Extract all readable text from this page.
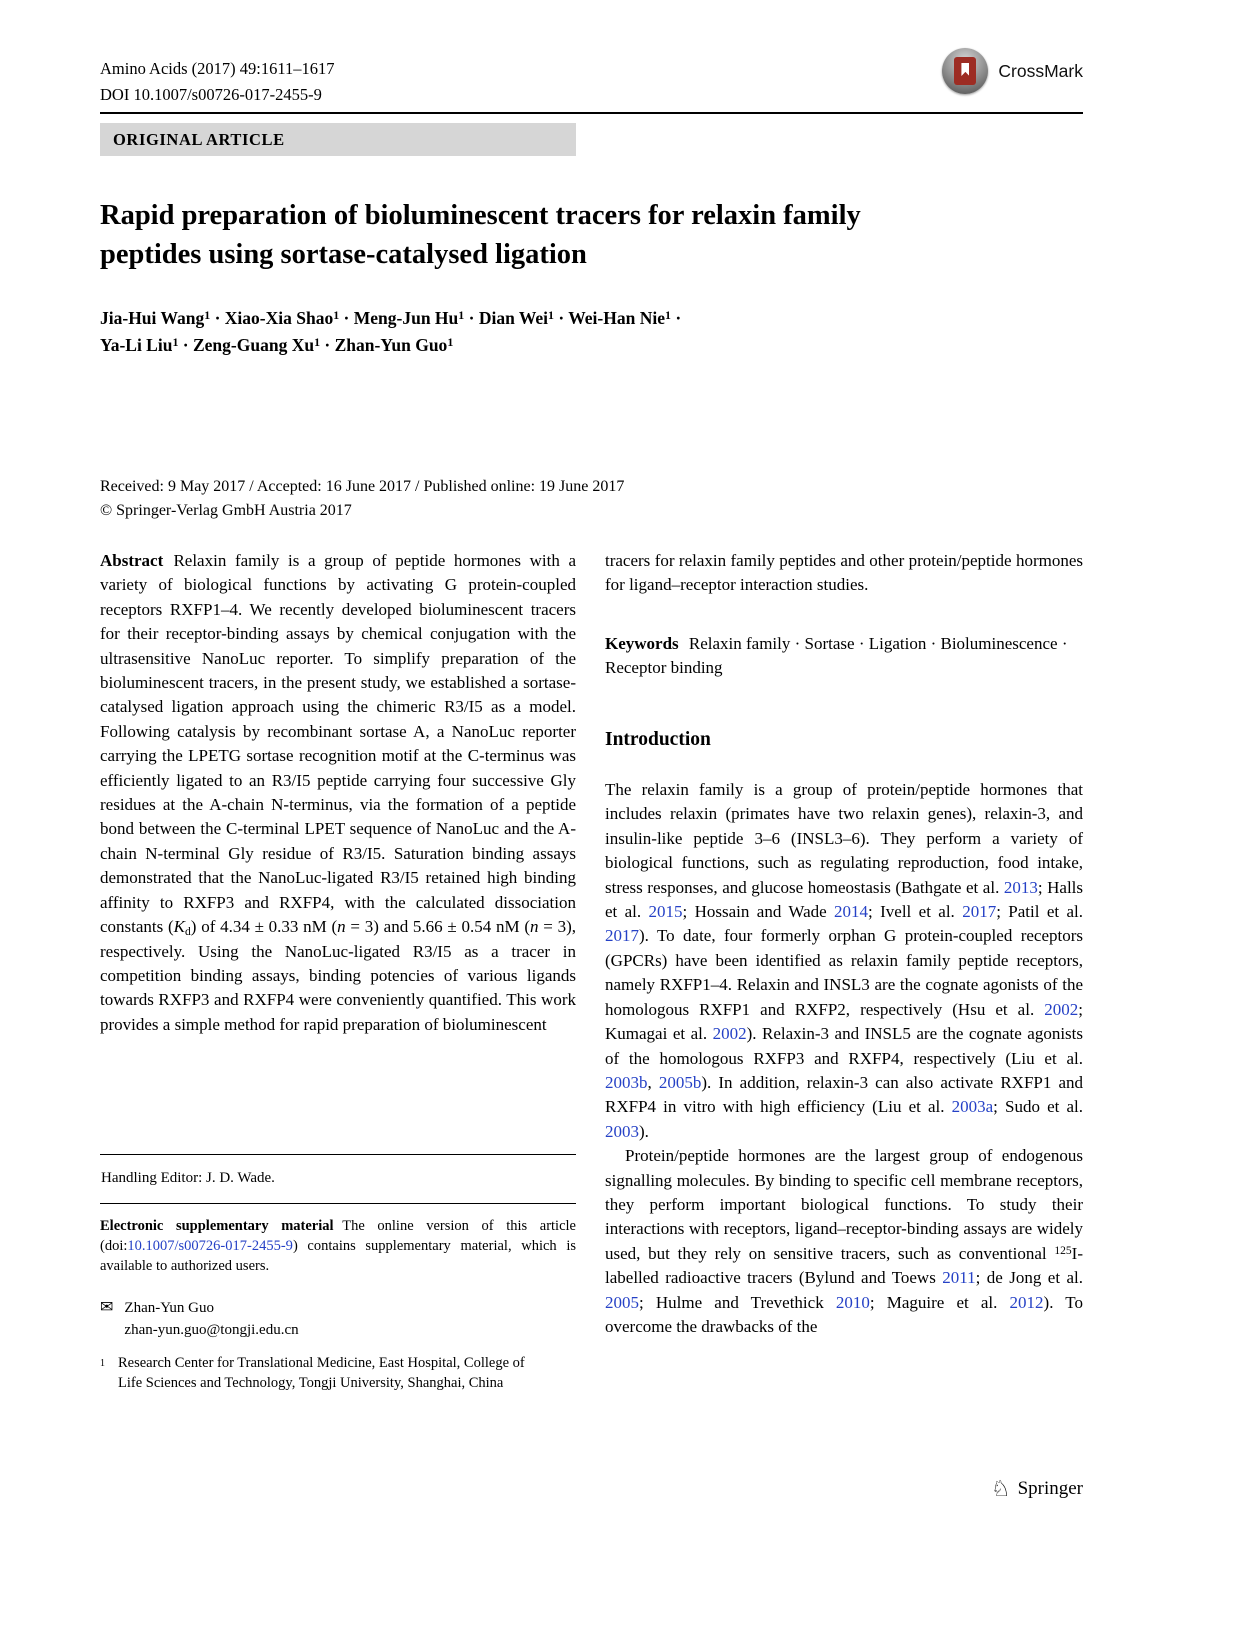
Amino Acids (2017) 49:1611–1617
DOI 10.1007/s00726-017-2455-9
CrossMark
ORIGINAL ARTICLE
Rapid preparation of bioluminescent tracers for relaxin family
peptides using sortase-catalysed ligation
Jia-Hui Wang$^1$ · Xiao-Xia Shao$^1$ · Meng-Jun $Hu^1$ · Dian Wei$^1$ · Wei-Han Nie$^1$ ·
Ya-Li Liu$^1$ · Zeng-Guang $Xu^1$ · Zhan-Yun Guo$^1$
Received: 9 May 2017 / Accepted: 16 June 2017 / Published online: 19 June 2017
© Springer-Verlag GmbH Austria 2017

Abstract Relaxin family is a group of peptide hormones with a variety of biological functions by activating G protein-coupled receptors RXFP1–4. We recently developed bioluminescent tracers for their receptor-binding assays by chemical conjugation with the ultrasensitive NanoLuc reporter. To simplify preparation of the bioluminescent tracers, in the present study, we established a sortase-catalysed ligation approach using the chimeric R3/I5 as a model. Following catalysis by recombinant sortase A, a NanoLuc reporter carrying the LPETG sortase recognition motif at the C-terminus was efficiently ligated to an R3/I5 peptide carrying four successive Gly residues at the A-chain N-terminus, via the formation of a peptide bond between the C-terminal LPET sequence of NanoLuc and the A-chain N-terminal Gly residue of R3/I5. Saturation binding assays demonstrated that the NanoLuc-ligated R3/I5 retained high binding affinity to RXFP3 and RXFP4, with the calculated dissociation constants (Kd) of 4.34 ± 0.33 nM (n = 3) and 5.66 ± 0.54 nM (n = 3), respectively. Using the NanoLuc-ligated R3/I5 as a tracer in competition binding assays, binding potencies of various ligands towards RXFP3 and RXFP4 were conveniently quantified. This work provides a simple method for rapid preparation of bioluminescent

Handling Editor: J. D. Wade.

Electronic supplementary material The online version of this article (doi:10.1007/s00726-017-2455-9) contains supplementary material, which is available to authorized users.

✉ Zhan-Yun Guo
zhan-yun.guo@tongji.edu.cn
1 Research Center for Translational Medicine, East Hospital, College of Life Sciences and Technology, Tongji University, Shanghai, China

tracers for relaxin family peptides and other protein/peptide hormones for ligand–receptor interaction studies.

Keywords Relaxin family · Sortase · Ligation · Bioluminescence · Receptor binding

Introduction

The relaxin family is a group of protein/peptide hormones that includes relaxin (primates have two relaxin genes), relaxin-3, and insulin-like peptide 3–6 (INSL3–6). They perform a variety of biological functions, such as regulating reproduction, food intake, stress responses, and glucose homeostasis (Bathgate et al. 2013; Halls et al. 2015; Hossain and Wade 2014; Ivell et al. 2017; Patil et al. 2017). To date, four formerly orphan G protein-coupled receptors (GPCRs) have been identified as relaxin family peptide receptors, namely RXFP1–4. Relaxin and INSL3 are the cognate agonists of the homologous RXFP1 and RXFP2, respectively (Hsu et al. 2002; Kumagai et al. 2002). Relaxin-3 and INSL5 are the cognate agonists of the homologous RXFP3 and RXFP4, respectively (Liu et al. 2003b, 2005b). In addition, relaxin-3 can also activate RXFP1 and RXFP4 in vitro with high efficiency (Liu et al. 2003a; Sudo et al. 2003).

Protein/peptide hormones are the largest group of endogenous signalling molecules. By binding to specific cell membrane receptors, they perform important biological functions. To study their interactions with receptors, ligand–receptor-binding assays are widely used, but they rely on sensitive tracers, such as conventional $^{125}$I-labelled radioactive tracers (Bylund and Toews 2011; de Jong et al. 2005; Hulme and Trevethick 2010; Maguire et al. 2012). To overcome the drawbacks of the

♘ Springer
